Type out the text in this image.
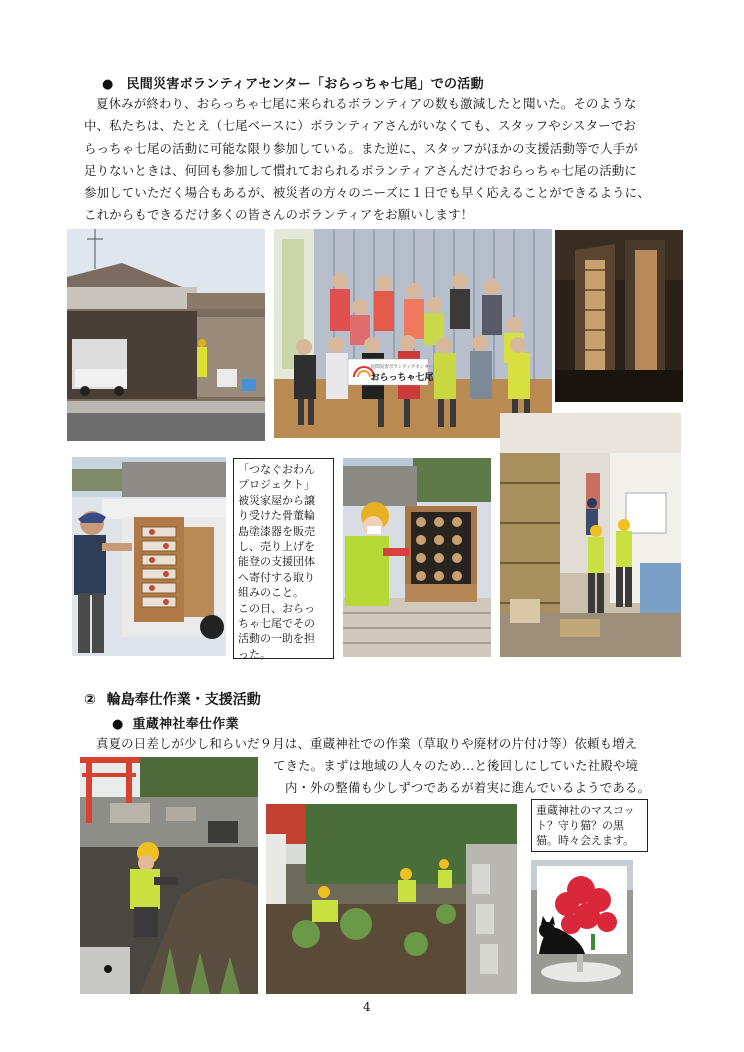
● 民間災害ボランティアセンター「おらっちゃ七尾」での活動
夏休みが終わり、おらっちゃ七尾に来られるボランティアの数も激減したと聞いた。そのような
中、私たちは、たとえ（七尾ベースに）ボランティアさんがいなくても、スタッフやシスターでお
らっちゃ七尾の活動に可能な限り参加している。また逆に、スタッフがほかの支援活動等で人手が
足りないときは、何回も参加して慣れておられるボランティアさんだけでおらっちゃ七尾の活動に
参加していただく場合もあるが、被災者の方々のニーズに１日でも早く応えることができるように、
これからもできるだけ多くの皆さんのボランティアをお願いします！
民間災害ボランティアセンター
おらっちゃ七尾
「つなぐおわん
プロジェクト」
被災家屋から譲
り受けた骨董輪
島塗漆器を販売
し、売り上げを
能登の支援団体
へ寄付する取り
組みのこと。
この日、おらっ
ちゃ七尾でその
活動の一助を担
った。
② 輪島奉仕作業・支援活動
● 重蔵神社奉仕作業
真夏の日差しが少し和らいだ９月は、重蔵神社での作業（草取りや廃材の片付け等）依頼も増え
てきた。まずは地域の人々のため…と後回しにしていた社殿や境
内・外の整備も少しずつであるが着実に進んでいるようである。
重蔵神社のマスコッ
ト？守り猫？の黒
猫。時々会えます。
4
